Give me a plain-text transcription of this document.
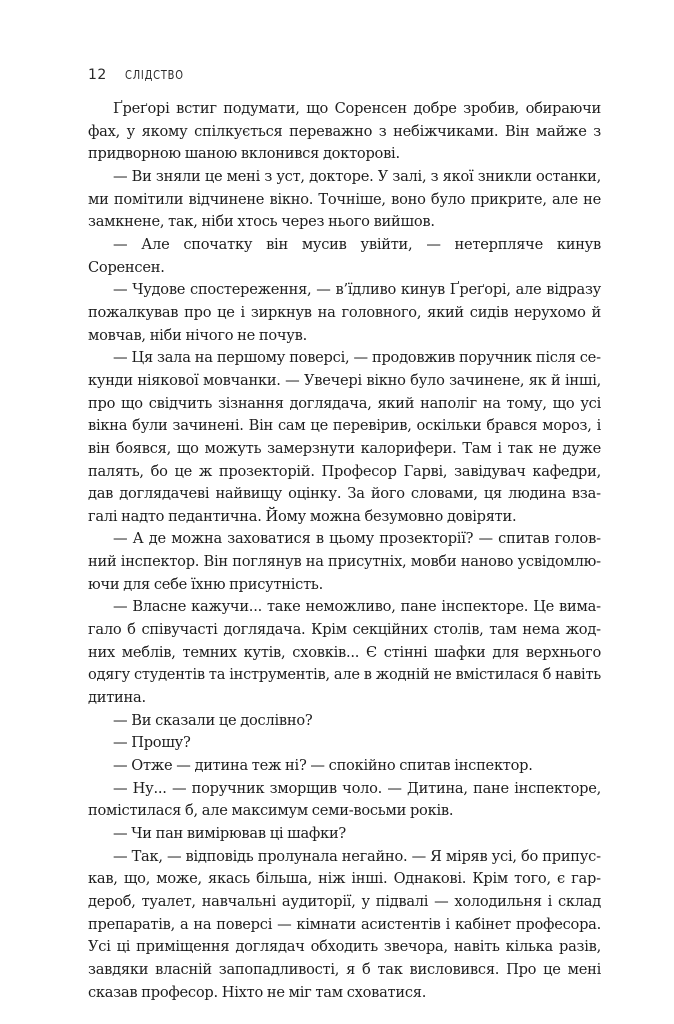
12 СЛІДСТВО

Ґреґорі встиг подумати, що Соренсен добре зробив, обираючи фах, у якому спілкується переважно з небіжчиками. Він майже з придворною шаною вклонився докторові.

— Ви зняли це мені з уст, докторе. У залі, з якої зникли останки, ми помітили відчинене вікно. Точніше, воно було прикрите, але не замкнене, так, ніби хтось через нього вийшов.

— Але спочатку він мусив увійти, — нетерпляче кинув Соренсен.

— Чудове спостереження, — в’їдливо кинув Ґреґорі, але відразу пожалкував про це і зиркнув на головного, який сидів нерухомо й мовчав, ніби нічого не почув.

— Ця зала на першому поверсі, — продовжив поручник після секунди ніякової мовчанки. — Увечері вікно було зачинене, як й інші, про що свідчить зізнання доглядача, який наполіг на тому, що усі вікна були зачинені. Він сам це перевірив, оскільки брався мороз, і він боявся, що можуть замерзнути калорифери. Там і так не дуже палять, бо це ж прозекторій. Професор Гарві, завідувач кафедри, дав доглядачеві найвищу оцінку. За його словами, ця людина взагалі надто педантична. Йому можна безумовно довіряти.

— А де можна заховатися в цьому прозекторії? — спитав головний інспектор. Він поглянув на присутніх, мовби наново усвідомлюючи для себе їхню присутність.

— Власне кажучи... таке неможливо, пане інспекторе. Це вимагало б співучасті доглядача. Крім секційних столів, там нема жодних меблів, темних кутів, сховків... Є стінні шафки для верхнього одягу студентів та інструментів, але в жодній не вмістилася б навіть дитина.

— Ви сказали це дослівно?

— Прошу?

— Отже — дитина теж ні? — спокійно спитав інспектор.

— Ну... — поручник зморщив чоло. — Дитина, пане інспекторе, помістилася б, але максимум семи-восьми років.

— Чи пан вимірював ці шафки?

— Так, — відповідь пролунала негайно. — Я міряв усі, бо припускав, що, може, якась більша, ніж інші. Однакові. Крім того, є гардероб, туалет, навчальні аудиторії, у підвалі — холодильня і склад препаратів, а на поверсі — кімнати асистентів і кабінет професора. Усі ці приміщення доглядач обходить звечора, навіть кілька разів, завдяки власній запопадливості, я б так висловився. Про це мені сказав професор. Ніхто не міг там сховатися.
